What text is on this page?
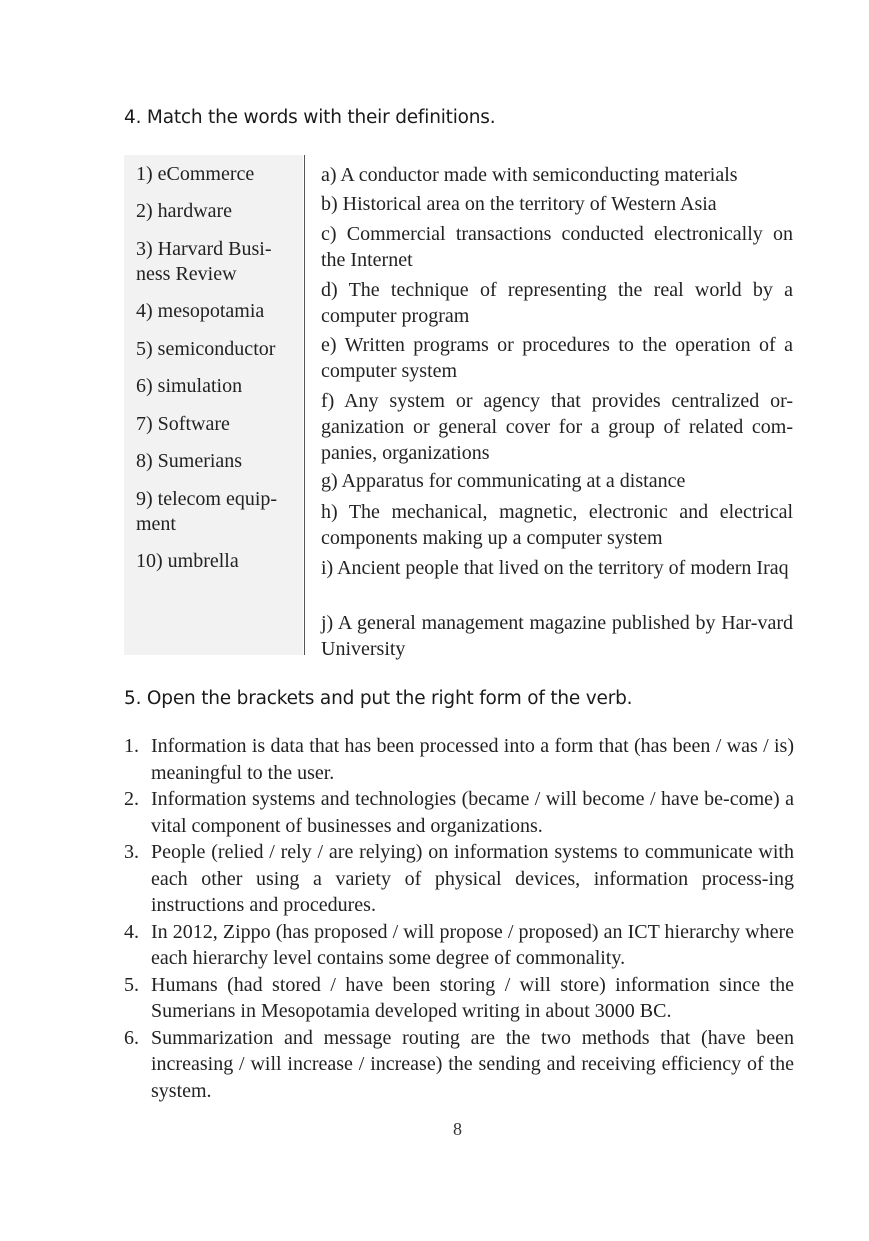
4. Match the words with their definitions.
1) eCommerce
2) hardware
3) Harvard Busi-ness Review
4) mesopotamia
5) semiconductor
6) simulation
7) Software
8) Sumerians
9) telecom equip-ment
10) umbrella
a) A conductor made with semiconducting materials
b) Historical area on the territory of Western Asia
c) Commercial transactions conducted electronically on the Internet
d) The technique of representing the real world by a computer program
e) Written programs or procedures to the operation of a computer system
f) Any system or agency that provides centralized or-ganization or general cover for a group of related com-panies, organizations
g) Apparatus for communicating at a distance
h) The mechanical, magnetic, electronic and electrical components making up a computer system
i) Ancient people that lived on the territory of modern Iraq
j) A general management magazine published by Har-vard University
5. Open the brackets and put the right form of the verb.
1. Information is data that has been processed into a form that (has been / was / is) meaningful to the user.
2. Information systems and technologies (became / will become / have be-come) a vital component of businesses and organizations.
3. People (relied / rely / are relying) on information systems to communicate with each other using a variety of physical devices, information process-ing instructions and procedures.
4. In 2012, Zippo (has proposed / will propose / proposed) an ICT hierarchy where each hierarchy level contains some degree of commonality.
5. Humans (had stored / have been storing / will store) information since the Sumerians in Mesopotamia developed writing in about 3000 BC.
6. Summarization and message routing are the two methods that (have been increasing / will increase / increase) the sending and receiving efficiency of the system.
8
